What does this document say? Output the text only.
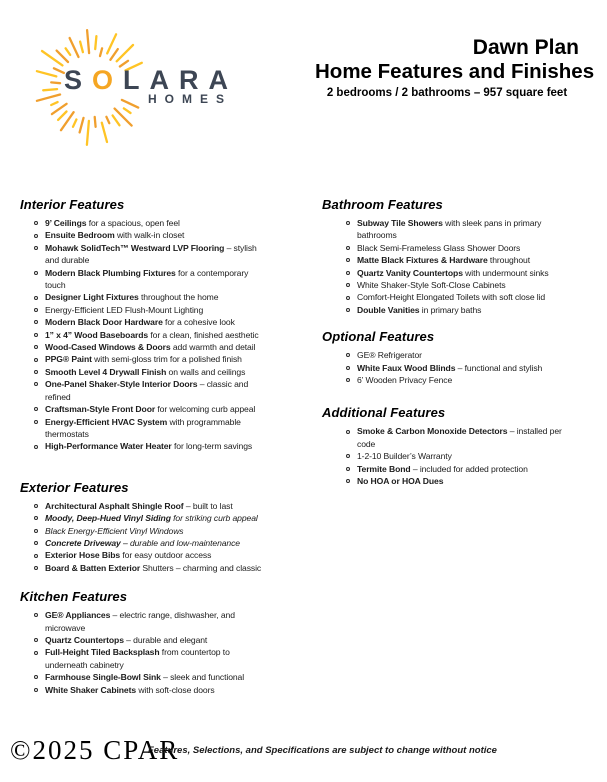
SOLARA
HOMES
Dawn Plan
Home Features and Finishes
2 bedrooms / 2 bathrooms – 957 square feet
Interior Features
9’ Ceilings for a spacious, open feel
Ensuite Bedroom with walk-in closet
Mohawk SolidTech™ Westward LVP Flooring – stylish and durable
Modern Black Plumbing Fixtures for a contemporary touch
Designer Light Fixtures throughout the home
Energy-Efficient LED Flush-Mount Lighting
Modern Black Door Hardware for a cohesive look
1” x 4” Wood Baseboards for a clean, finished aesthetic
Wood-Cased Windows & Doors add warmth and detail
PPG® Paint with semi-gloss trim for a polished finish
Smooth Level 4 Drywall Finish on walls and ceilings
One-Panel Shaker-Style Interior Doors – classic and refined
Craftsman-Style Front Door for welcoming curb appeal
Energy-Efficient HVAC System with programmable thermostats
High-Performance Water Heater for long-term savings
Exterior Features
Architectural Asphalt Shingle Roof – built to last
Moody, Deep-Hued Vinyl Siding for striking curb appeal
Black Energy-Efficient Vinyl Windows
Concrete Driveway – durable and low-maintenance
Exterior Hose Bibs for easy outdoor access
Board & Batten Exterior Shutters – charming and classic
Kitchen Features
GE® Appliances – electric range, dishwasher, and microwave
Quartz Countertops – durable and elegant
Full-Height Tiled Backsplash from countertop to underneath cabinetry
Farmhouse Single-Bowl Sink – sleek and functional
White Shaker Cabinets with soft-close doors
Bathroom Features
Subway Tile Showers with sleek pans in primary bathrooms
Black Semi-Frameless Glass Shower Doors
Matte Black Fixtures & Hardware throughout
Quartz Vanity Countertops with undermount sinks
White Shaker-Style Soft-Close Cabinets
Comfort-Height Elongated Toilets with soft close lid
Double Vanities in primary baths
Optional Features
GE® Refrigerator
White Faux Wood Blinds – functional and stylish
6’ Wooden Privacy Fence
Additional Features
Smoke & Carbon Monoxide Detectors – installed per code
1-2-10 Builder’s Warranty
Termite Bond – included for added protection
No HOA or HOA Dues
©2025 CPAR
Features, Selections, and Specifications are subject to change without notice
